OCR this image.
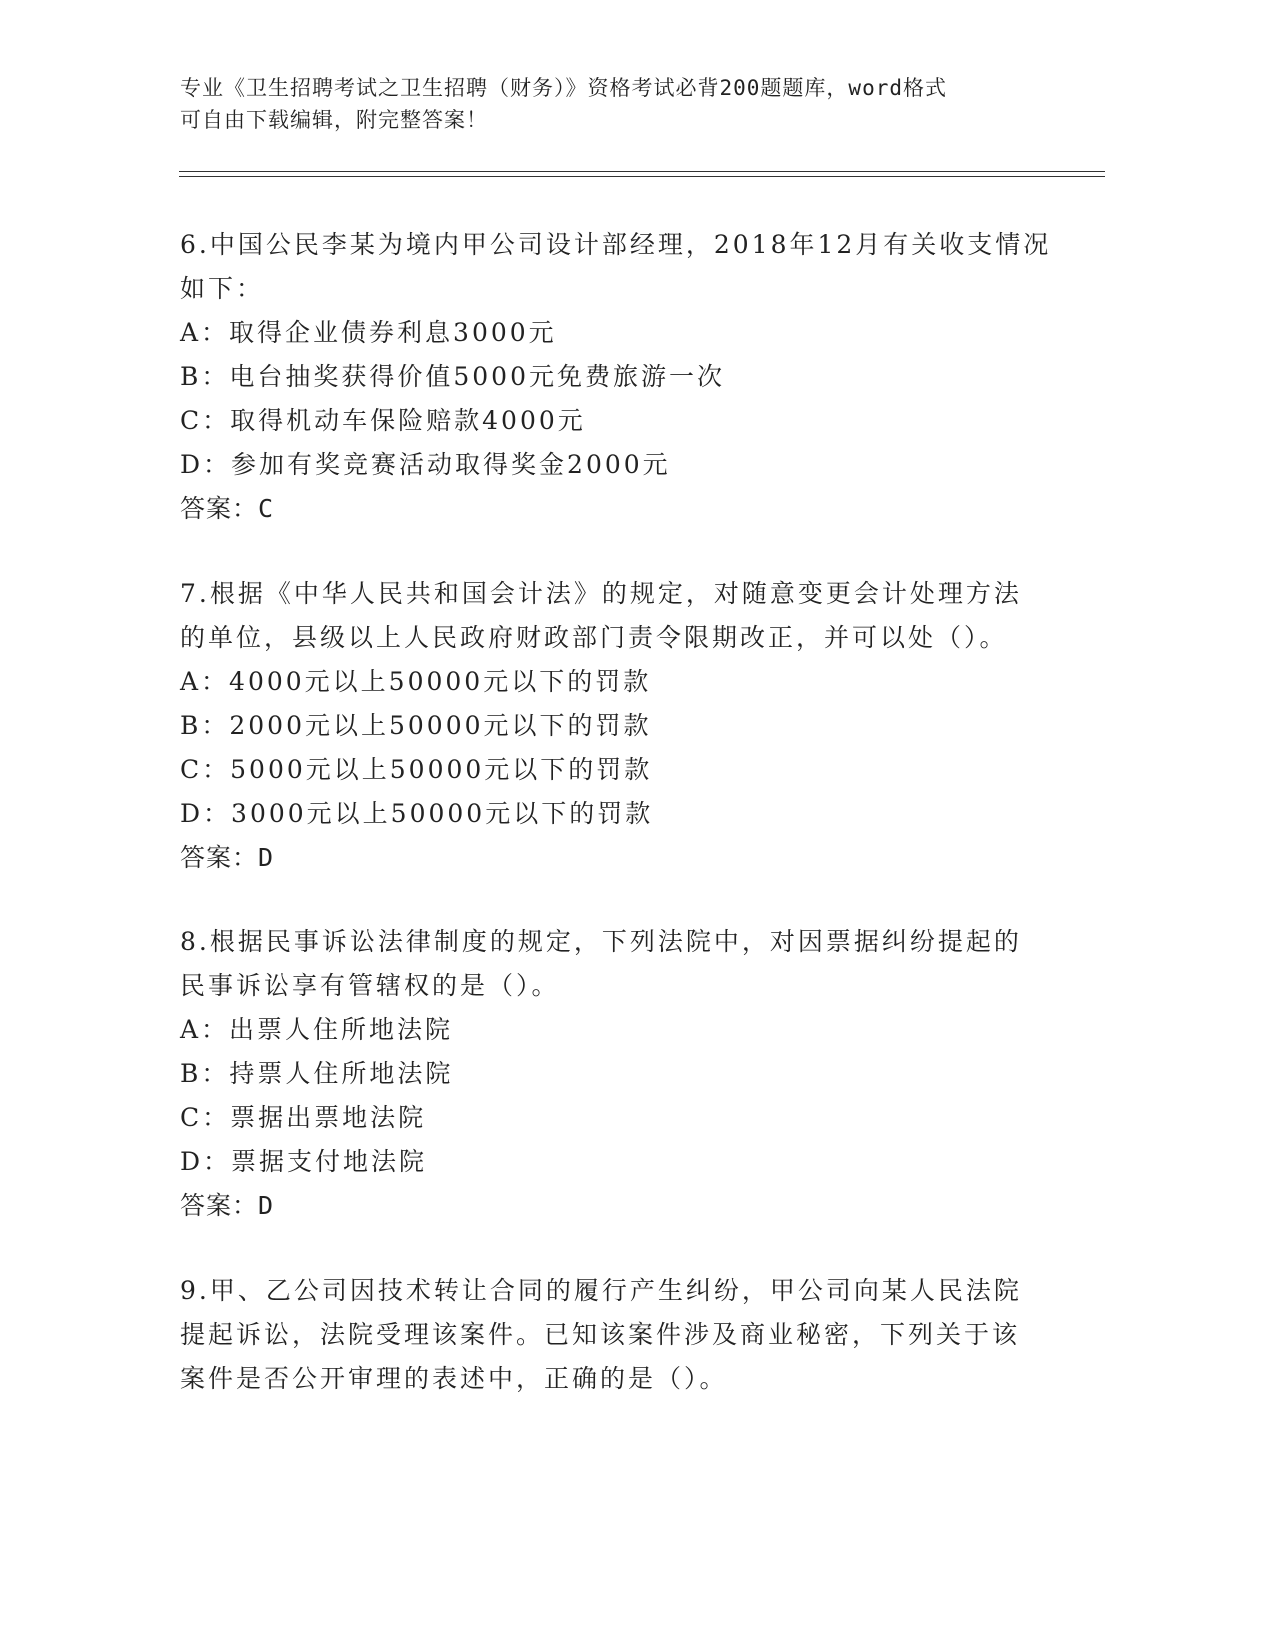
专业《卫生招聘考试之卫生招聘（财务）》资格考试必背200题题库，word格式
可自由下载编辑，附完整答案！
6.中国公民李某为境内甲公司设计部经理，2018年12月有关收支情况
如下：
A：取得企业债券利息3000元
B：电台抽奖获得价值5000元免费旅游一次
C：取得机动车保险赔款4000元
D：参加有奖竞赛活动取得奖金2000元
答案：C
7.根据《中华人民共和国会计法》的规定，对随意变更会计处理方法
的单位，县级以上人民政府财政部门责令限期改正，并可以处（）。
A：4000元以上50000元以下的罚款
B：2000元以上50000元以下的罚款
C：5000元以上50000元以下的罚款
D：3000元以上50000元以下的罚款
答案：D
8.根据民事诉讼法律制度的规定，下列法院中，对因票据纠纷提起的
民事诉讼享有管辖权的是（）。
A：出票人住所地法院
B：持票人住所地法院
C：票据出票地法院
D：票据支付地法院
答案：D
9.甲、乙公司因技术转让合同的履行产生纠纷，甲公司向某人民法院
提起诉讼，法院受理该案件。已知该案件涉及商业秘密，下列关于该
案件是否公开审理的表述中，正确的是（）。
